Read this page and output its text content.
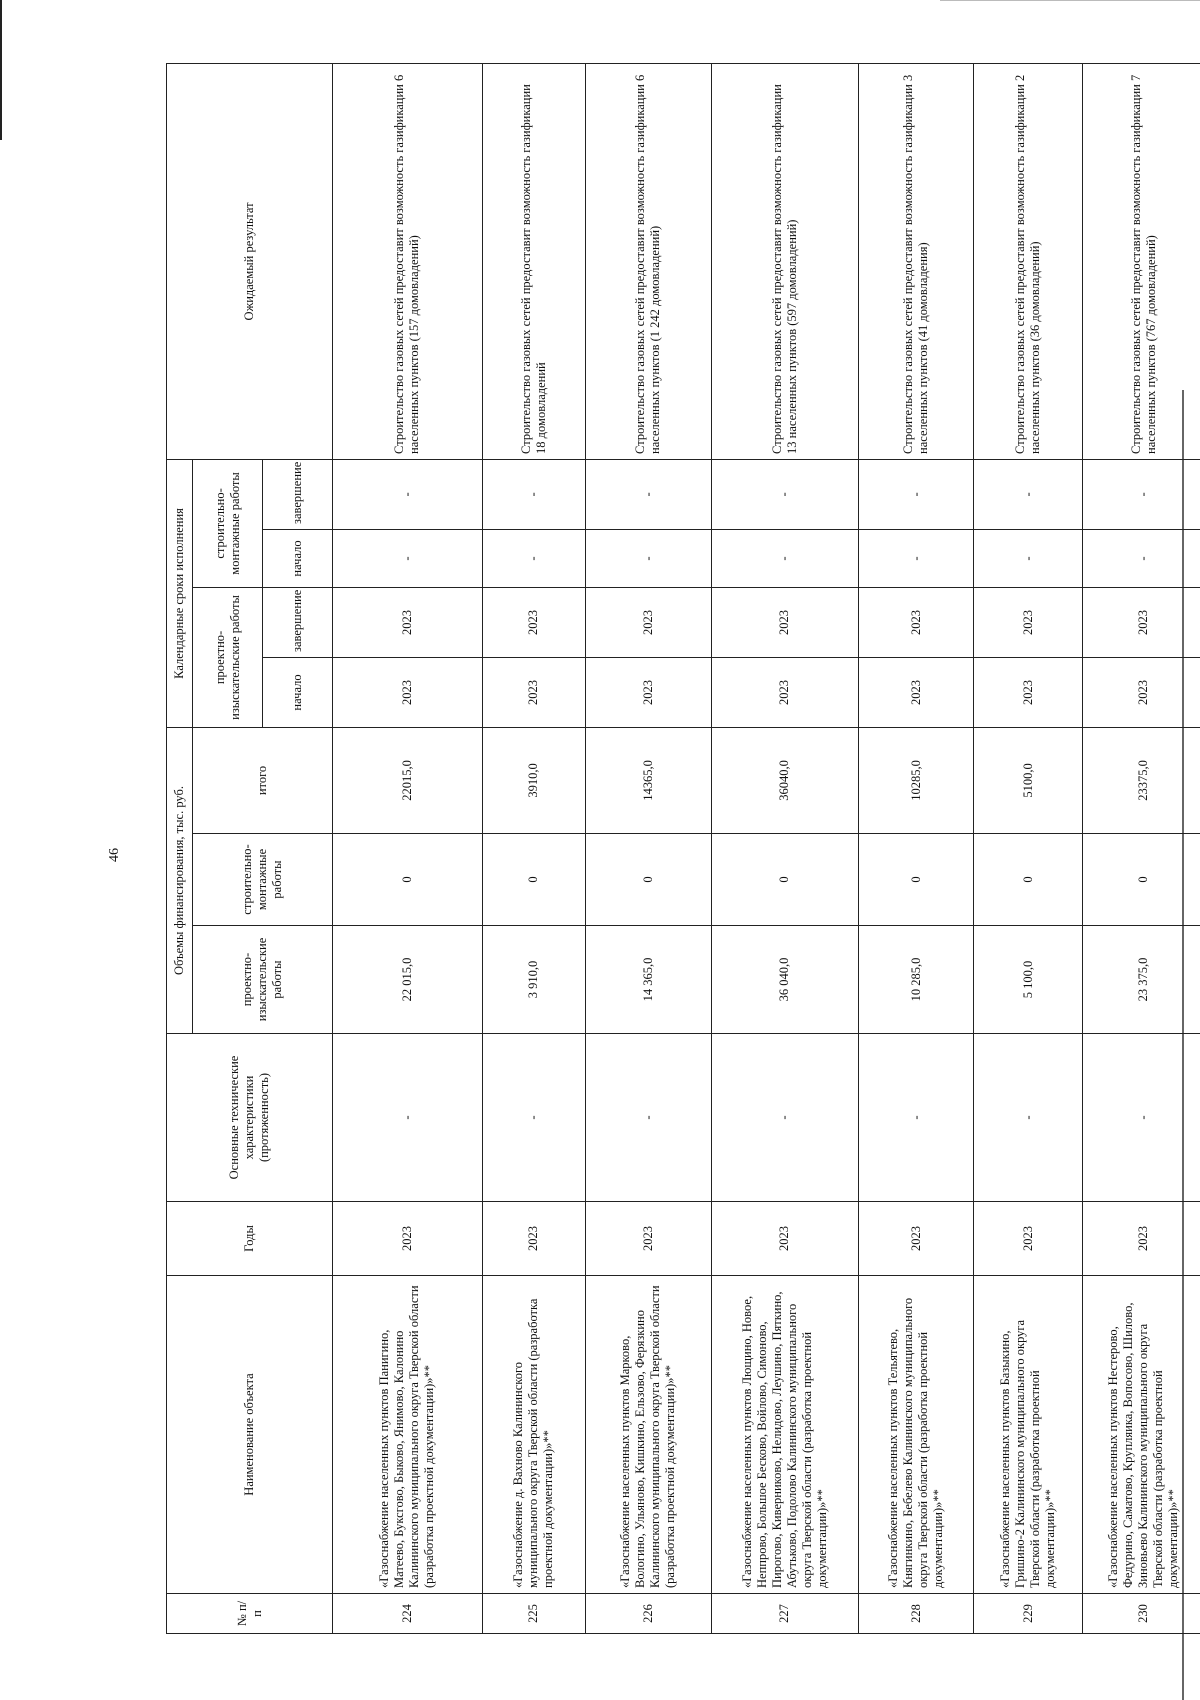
46
№ п/п	Наименование объекта	Годы	Основные технические характеристики (протяженность)	Объемы финансирования, тыс. руб.			Календарные сроки исполнения				Ожидаемый результат
				проектно-изыскательские работы	строительно-монтажные работы	итого	проектно-изыскательские работы		строительно-монтажные работы		
							начало	завершение	начало	завершение	
224	«Газоснабжение населенных пунктов Панигино, Матеево, Буксгово, Быково, Янимово, Калонино Калининского муниципального округа Тверской области (разработка проектной документации)»**	2023	-	22 015,0	0	22015,0	2023	2023	-	-	Строительство газовых сетей предоставит возможность газификации 6 населенных пунктов (157 домовладений)
225	«Газоснабжение д. Вахново Калининского муниципального округа Тверской области (разработка проектной документации)»**	2023	-	3 910,0	0	3910,0	2023	2023	-	-	Строительство газовых сетей предоставит возможность газификации 18 домовладений
226	«Газоснабжение населенных пунктов Марково, Вологино, Ульяново, Кишкино, Ельзово, Ферязкино Калининского муниципального округа Тверской области (разработка проектной документации)»**	2023	-	14 365,0	0	14365,0	2023	2023	-	-	Строительство газовых сетей предоставит возможность газификации 6 населенных пунктов (1 242 домовладений)
227	«Газоснабжение населенных пунктов Лющино, Новое, Неппрово, Большое Бесково, Войлово, Симоново, Пирогово, Киверниково, Нелидово, Леушино, Пяткино, Абутьково, Подолово Калининского муниципального округа Тверской области (разработка проектной документации)»**	2023	-	36 040,0	0	36040,0	2023	2023	-	-	Строительство газовых сетей предоставит возможность газификации 13 населенных пунктов (597 домовладений)
228	«Газоснабжение населенных пунктов Тельятево, Княгинкино, Бебелево Калининского муниципального округа Тверской области (разработка проектной документации)»**	2023	-	10 285,0	0	10285,0	2023	2023	-	-	Строительство газовых сетей предоставит возможность газификации 3 населенных пунктов (41 домовладения)
229	«Газоснабжение населенных пунктов Базыкино, Гришино-2 Калининского муниципального округа Тверской области (разработка проектной документации)»**	2023	-	5 100,0	0	5100,0	2023	2023	-	-	Строительство газовых сетей предоставит возможность газификации 2 населенных пунктов (36 домовладений)
230	«Газоснабжение населенных пунктов Нестерово, Федурино, Саматово, Крупляика, Вопосово, Шилово, Зиновьево Калининского муниципального округа Тверской области (разработка проектной документации)»**	2023	-	23 375,0	0	23375,0	2023	2023	-	-	Строительство газовых сетей предоставит возможность газификации 7 населенных пунктов (767 домовладений)
